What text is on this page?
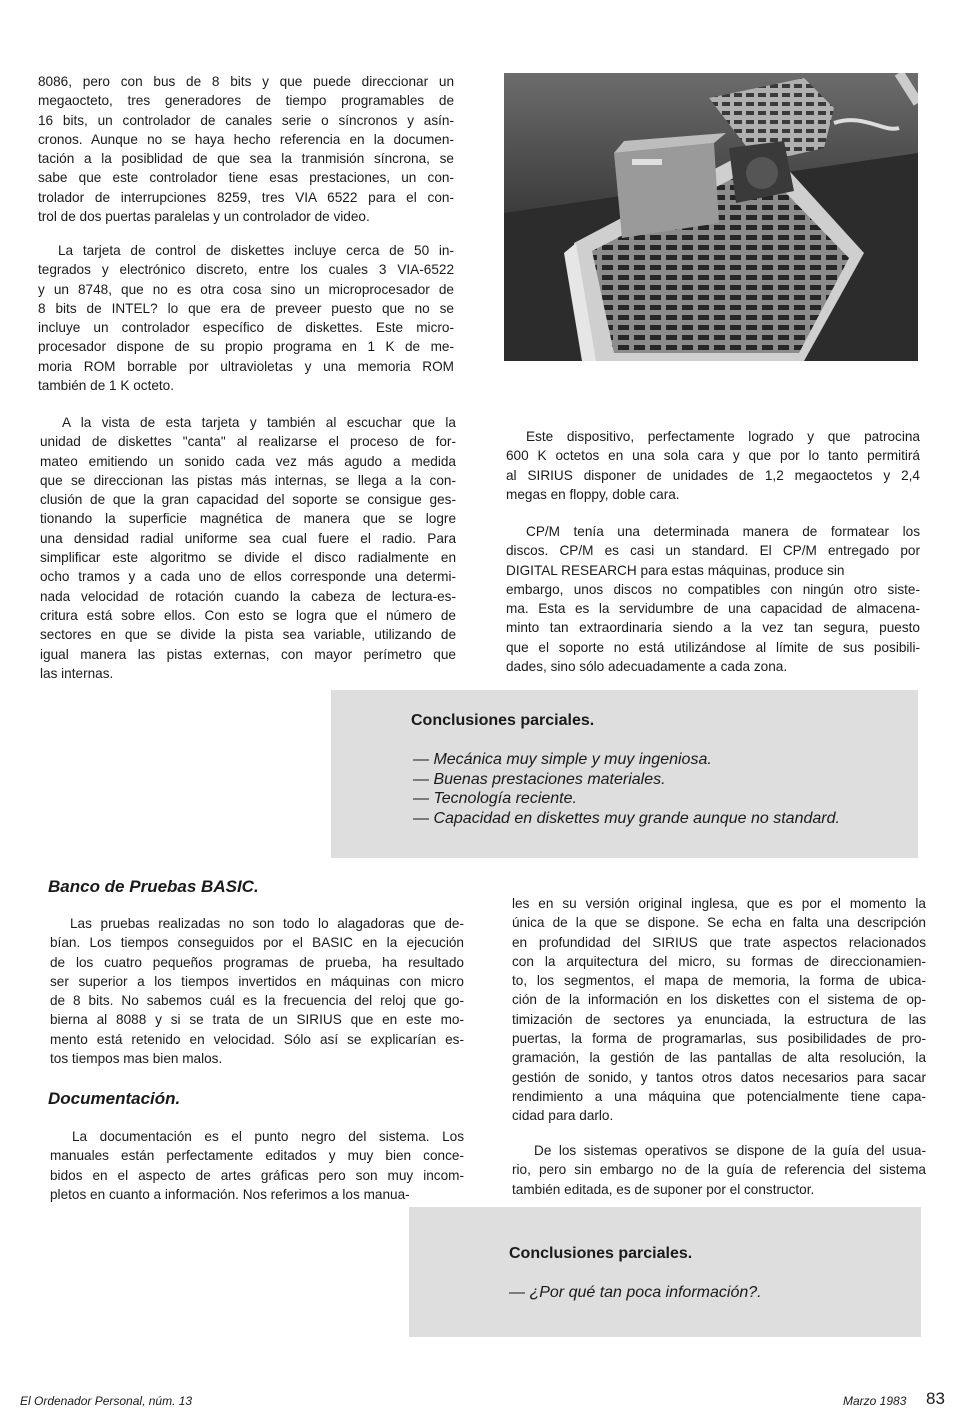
8086, pero con bus de 8 bits y que puede direccionar un
megaocteto, tres generadores de tiempo programables de
16 bits, un controlador de canales serie o síncronos y asín-
cronos. Aunque no se haya hecho referencia en la documen-
tación a la posiblidad de que sea la tranmisión síncrona, se
sabe que este controlador tiene esas prestaciones, un con-
trolador de interrupciones 8259, tres VIA 6522 para el con-
trol de dos puertas paralelas y un controlador de video.
La tarjeta de control de diskettes incluye cerca de 50 in-
tegrados y electrónico discreto, entre los cuales 3 VIA-6522
y un 8748, que no es otra cosa sino un microprocesador de
8 bits de INTEL? lo que era de preveer puesto que no se
incluye un controlador específico de diskettes. Este micro-
procesador dispone de su propio programa en 1 K de me-
moria ROM borrable por ultravioletas y una memoria ROM
también de 1 K octeto.
A la vista de esta tarjeta y también al escuchar que la
unidad de diskettes "canta" al realizarse el proceso de for-
mateo emitiendo un sonido cada vez más agudo a medida
que se direccionan las pistas más internas, se llega a la con-
clusión de que la gran capacidad del soporte se consigue ges-
tionando la superficie magnética de manera que se logre
una densidad radial uniforme sea cual fuere el radio. Para
simplificar este algoritmo se divide el disco radialmente en
ocho tramos y a cada uno de ellos corresponde una determi-
nada velocidad de rotación cuando la cabeza de lectura-es-
critura está sobre ellos. Con esto se logra que el número de
sectores en que se divide la pista sea variable, utilizando de
igual manera las pistas externas, con mayor perímetro que
las internas.
Este dispositivo, perfectamente logrado y que patrocina
600 K octetos en una sola cara y que por lo tanto permitirá
al SIRIUS disponer de unidades de 1,2 megaoctetos y 2,4
megas en floppy, doble cara.
CP/M tenía una determinada manera de formatear los
discos. CP/M es casi un standard. El CP/M entregado por
DIGITAL RESEARCH para estas máquinas, produce sin
embargo, unos discos no compatibles con ningún otro siste-
ma. Esta es la servidumbre de una capacidad de almacena-
minto tan extraordinaria siendo a la vez tan segura, puesto
que el soporte no está utilizándose al límite de sus posibili-
dades, sino sólo adecuadamente a cada zona.
Conclusiones parciales.
— Mecánica muy simple y muy ingeniosa.
— Buenas prestaciones materiales.
— Tecnología reciente.
— Capacidad en diskettes muy grande aunque no standard.
Banco de Pruebas BASIC.
Las pruebas realizadas no son todo lo alagadoras que de-
bían. Los tiempos conseguidos por el BASIC en la ejecución
de los cuatro pequeños programas de prueba, ha resultado
ser superior a los tiempos invertidos en máquinas con micro
de 8 bits. No sabemos cuál es la frecuencia del reloj que go-
bierna al 8088 y si se trata de un SIRIUS que en este mo-
mento está retenido en velocidad. Sólo así se explicarían es-
tos tiempos mas bien malos.
Documentación.
La documentación es el punto negro del sistema. Los
manuales están perfectamente editados y muy bien conce-
bidos en el aspecto de artes gráficas pero son muy incom-
pletos en cuanto a información. Nos referimos a los manua-
les en su versión original inglesa, que es por el momento la
única de la que se dispone. Se echa en falta una descripción
en profundidad del SIRIUS que trate aspectos relacionados
con la arquitectura del micro, su formas de direccionamien-
to, los segmentos, el mapa de memoria, la forma de ubica-
ción de la información en los diskettes con el sistema de op-
timización de sectores ya enunciada, la estructura de las
puertas, la forma de programarlas, sus posibilidades de pro-
gramación, la gestión de las pantallas de alta resolución, la
gestión de sonido, y tantos otros datos necesarios para sacar
rendimiento a una máquina que potencialmente tiene capa-
cidad para darlo.
De los sistemas operativos se dispone de la guía del usua-
rio, pero sin embargo no de la guía de referencia del sistema
también editada, es de suponer por el constructor.
Conclusiones parciales.
— ¿Por qué tan poca información?.
El Ordenador Personal, núm. 13	Marzo 1983 83
